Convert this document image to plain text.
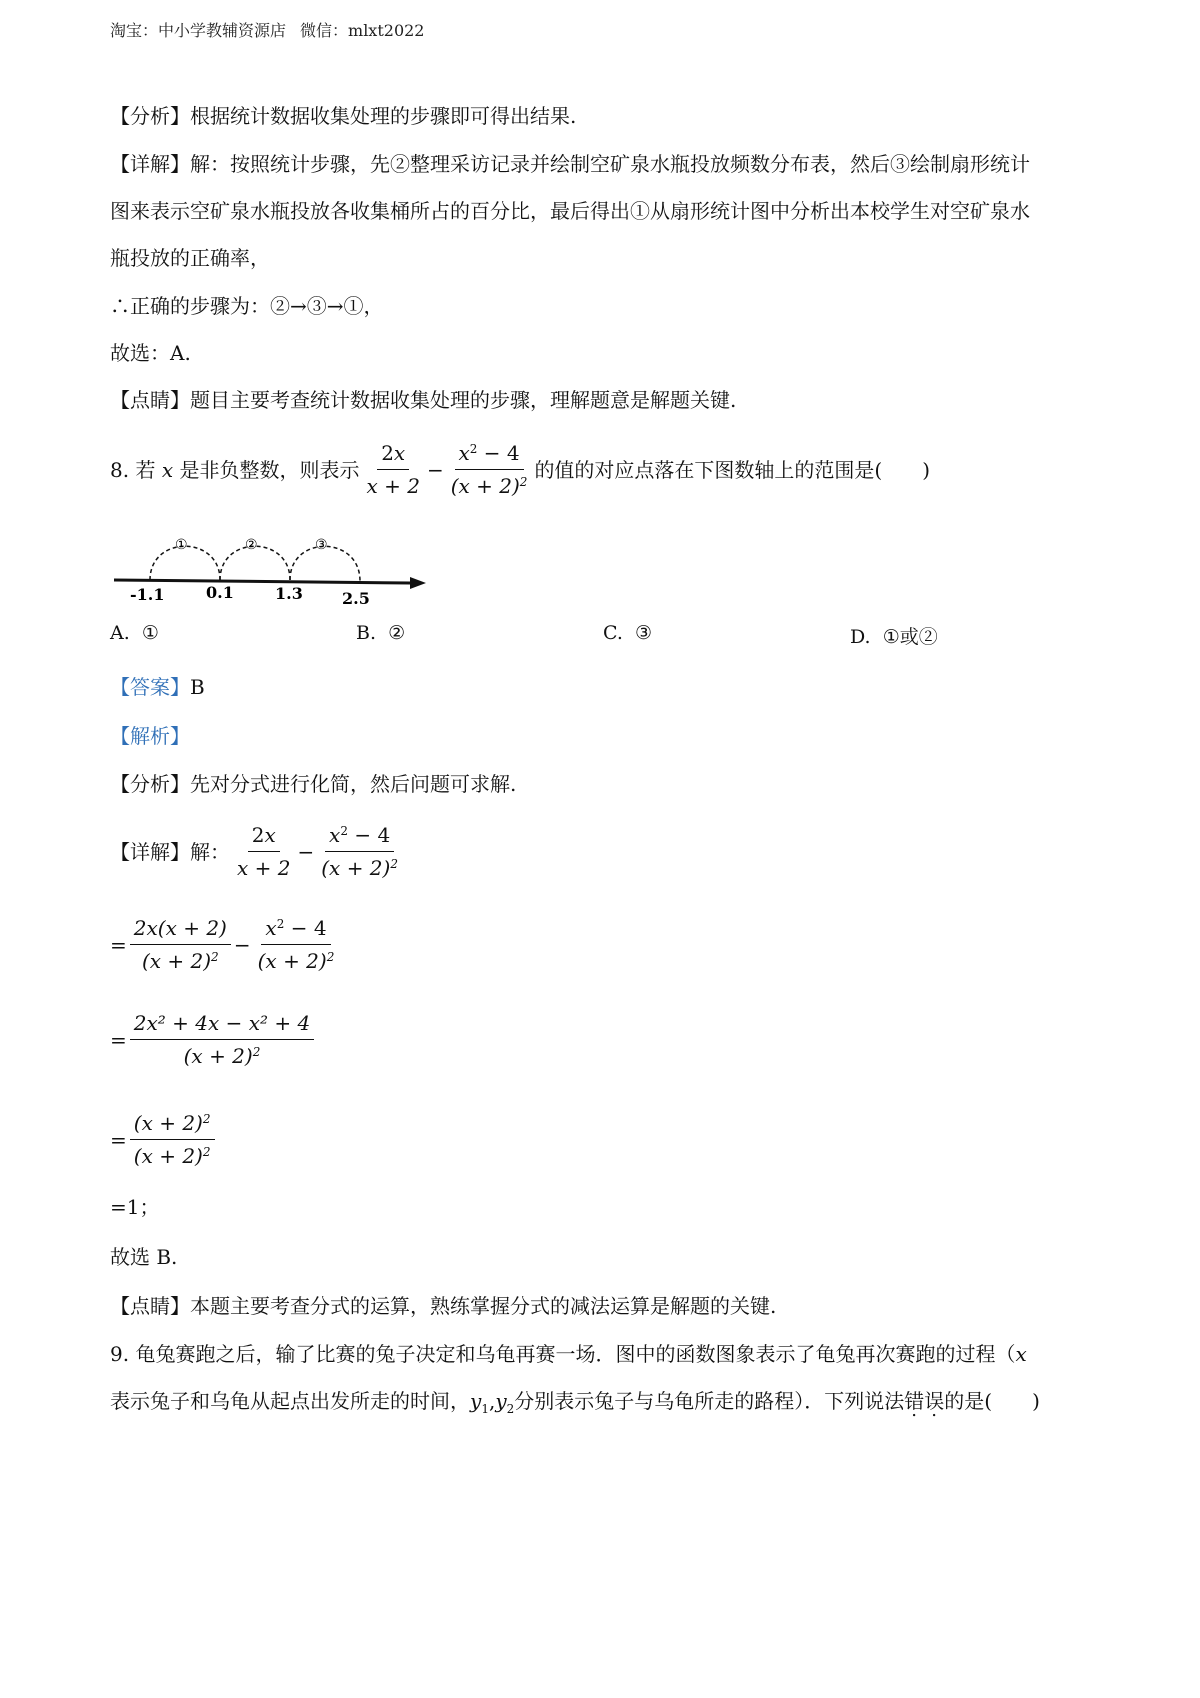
淘宝：中小学教辅资源店 微信：mlxt2022
【分析】根据统计数据收集处理的步骤即可得出结果.
【详解】解：按照统计步骤，先②整理采访记录并绘制空矿泉水瓶投放频数分布表，然后③绘制扇形统计
图来表示空矿泉水瓶投放各收集桶所占的百分比，最后得出①从扇形统计图中分析出本校学生对空矿泉水
瓶投放的正确率，
∴正确的步骤为：②→③→①，
故选：A.
【点睛】题目主要考查统计数据收集处理的步骤，理解题意是解题关键.
8.
若
x
是非负整数，则表示 $\frac{2x}{x + 2} - \frac{x^2 - 4}{(x + 2)^2}$ 的值的对应点落在下图数轴上的范围是(　　)
①	②	③
-1.1	0.1	1.3 2.5
A. ①	B. ②	C. ③	D. ①或②
【答案】B
【解析】
【分析】先对分式进行化简，然后问题可求解.
【详解】解： $\frac{2x}{x + 2} - \frac{x^2 - 4}{(x + 2)^2}$
= $\frac{2x(x + 2)}{(x + 2)^2} - \frac{x^2 - 4}{(x + 2)^2}$
= $\frac{\text{2x² + 4x − x² + 4}}{(x + 2)^2}$
= $\frac{(x + 2)^2}{(x + 2)^2}$
=1；
故选 B.
【点睛】本题主要考查分式的运算，熟练掌握分式的减法运算是解题的关键.
9. 龟兔赛跑之后，输了比赛的兔子决定和乌龟再赛一场．图中的函数图象表示了龟兔再次赛跑的过程（x
表示兔子和乌龟从起点出发所走的时间，$y_1,y_2$分别表示兔子与乌龟所走的路程）．下列说法错误的是(　　)
